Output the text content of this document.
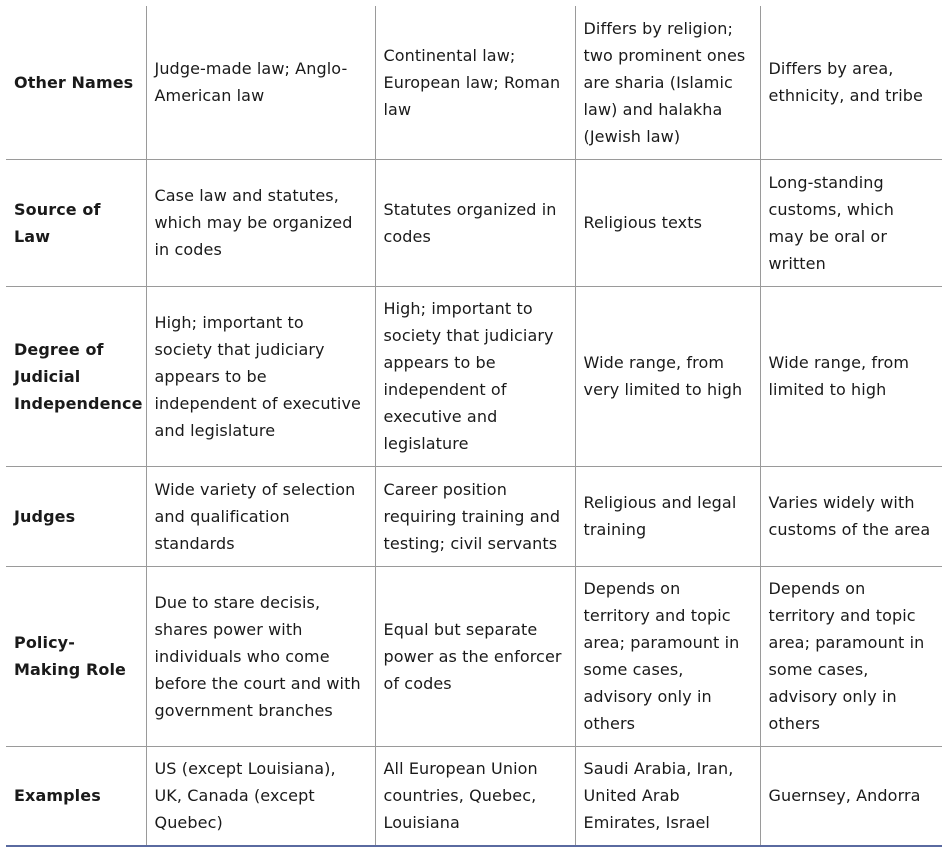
Other Names	Judge-made law; Anglo-American law	Continental law; European law; Roman law	Differs by religion; two prominent ones are sharia (Islamic law) and halakha (Jewish law)	Differs by area, ethnicity, and tribe
Source of Law	Case law and statutes, which may be organized in codes	Statutes organized in codes	Religious texts	Long-standing customs, which may be oral or written
Degree of Judicial Independence	High; important to society that judiciary appears to be independent of executive and legislature	High; important to society that judiciary appears to be independent of executive and legislature	Wide range, from very limited to high	Wide range, from limited to high
Judges	Wide variety of selection and qualification standards	Career position requiring training and testing; civil servants	Religious and legal training	Varies widely with customs of the area
Policy-Making Role	Due to stare decisis, shares power with individuals who come before the court and with government branches	Equal but separate power as the enforcer of codes	Depends on territory and topic area; paramount in some cases, advisory only in others	Depends on territory and topic area; paramount in some cases, advisory only in others
Examples	US (except Louisiana), UK, Canada (except Quebec)	All European Union countries, Quebec, Louisiana	Saudi Arabia, Iran, United Arab Emirates, Israel	Guernsey, Andorra
